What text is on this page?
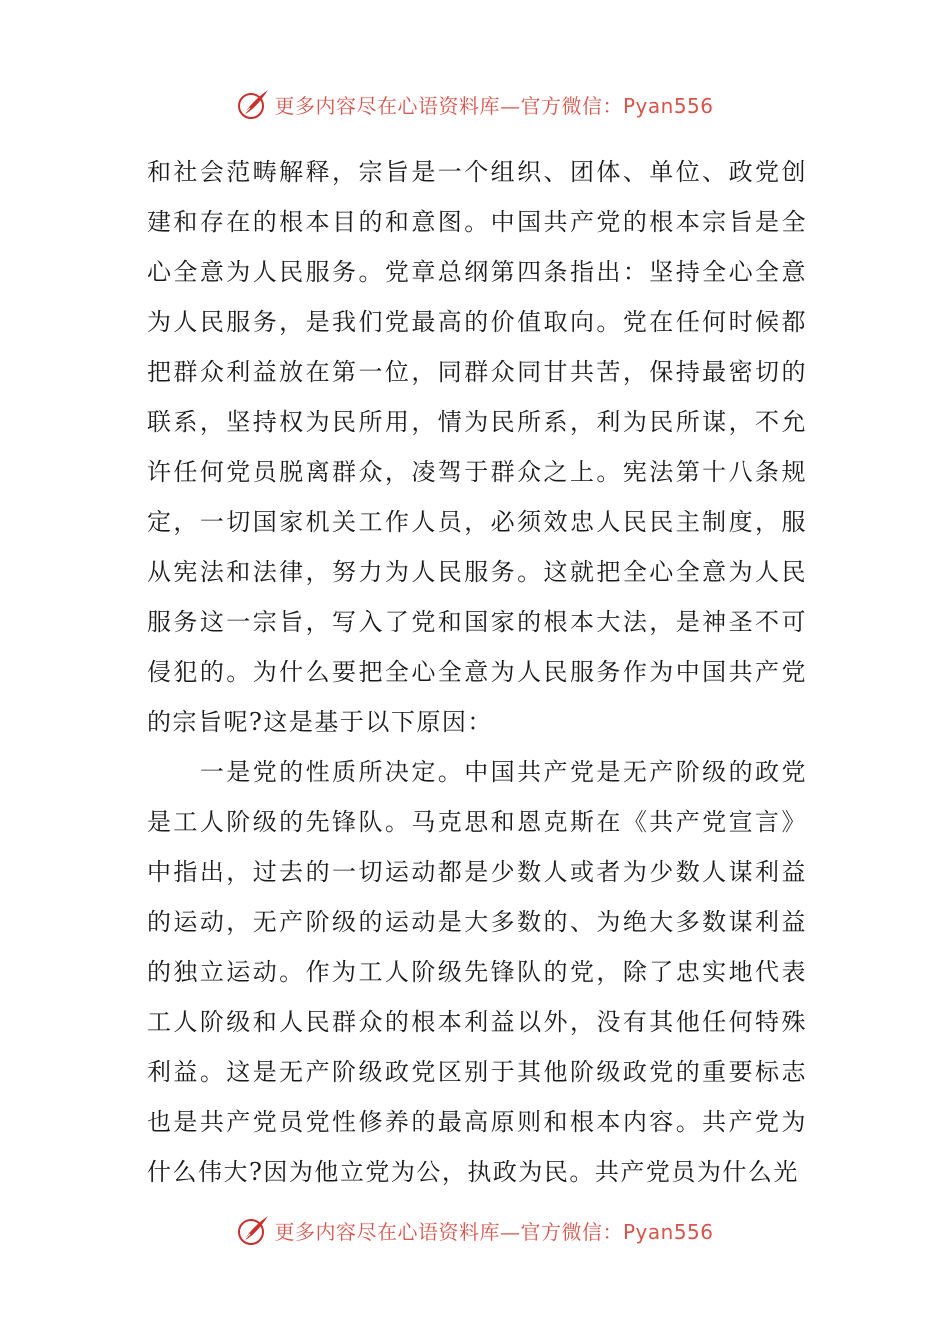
更多内容尽在心语资料库—官方微信：Pyan556
和社会范畴解释，宗旨是一个组织、团体、单位、政党创
建和存在的根本目的和意图。中国共产党的根本宗旨是全
心全意为人民服务。党章总纲第四条指出：坚持全心全意
为人民服务，是我们党最高的价值取向。党在任何时候都
把群众利益放在第一位，同群众同甘共苦，保持最密切的
联系，坚持权为民所用，情为民所系，利为民所谋，不允
许任何党员脱离群众，凌驾于群众之上。宪法第十八条规
定，一切国家机关工作人员，必须效忠人民民主制度，服
从宪法和法律，努力为人民服务。这就把全心全意为人民
服务这一宗旨，写入了党和国家的根本大法，是神圣不可
侵犯的。为什么要把全心全意为人民服务作为中国共产党
的宗旨呢?这是基于以下原因：
　　一是党的性质所决定。中国共产党是无产阶级的政党
是工人阶级的先锋队。马克思和恩克斯在《共产党宣言》
中指出，过去的一切运动都是少数人或者为少数人谋利益
的运动，无产阶级的运动是大多数的、为绝大多数谋利益
的独立运动。作为工人阶级先锋队的党，除了忠实地代表
工人阶级和人民群众的根本利益以外，没有其他任何特殊
利益。这是无产阶级政党区别于其他阶级政党的重要标志
也是共产党员党性修养的最高原则和根本内容。共产党为
什么伟大?因为他立党为公，执政为民。共产党员为什么光
更多内容尽在心语资料库—官方微信：Pyan556
